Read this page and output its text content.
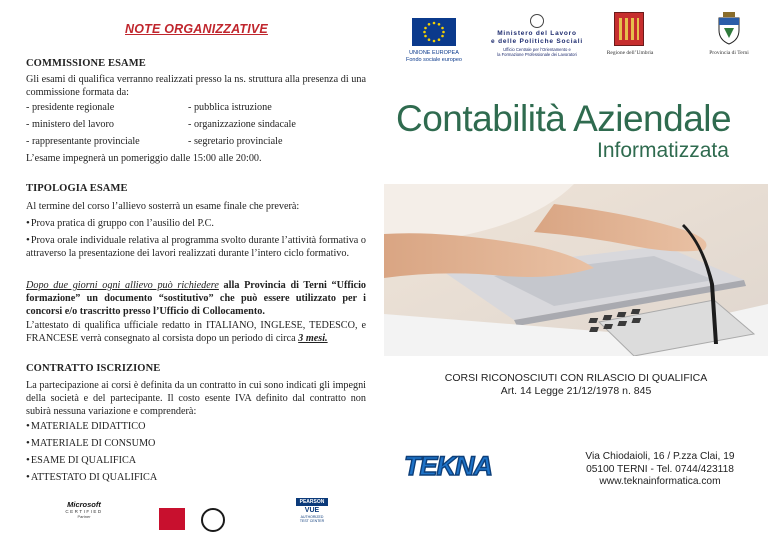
NOTE ORGANIZZATIVE
COMMISSIONE ESAME
Gli esami di qualifica verranno realizzati presso la ns. struttura alla presenza di una commissione formata da:
- presidente regionale	- pubblica istruzione
- ministero del lavoro	- organizzazione sindacale
- rappresentante provinciale	- segretario provinciale
L’esame impegnerà un pomeriggio dalle 15:00 alle 20:00.
TIPOLOGIA ESAME
Al termine del corso l’allievo sosterrà un esame finale che preverà:
• Prova pratica di gruppo con l’ausilio del P.C.
• Prova orale individuale relativa al programma svolto durante l’attività formativa o attraverso la presentazione dei lavori realizzati durante l’intero ciclo formativo.
Dopo due giorni ogni allievo può richiedere alla Provincia di Terni “Ufficio formazione” un documento “sostitutivo” che può essere utilizzato per i concorsi e/o trascritto presso l’Ufficio di Collocamento.
L’attestato di qualifica ufficiale redatto in ITALIANO, INGLESE, TEDESCO, e FRANCESE verrà consegnato al corsista dopo un periodo di circa 3 mesi.
CONTRATTO ISCRIZIONE
La partecipazione ai corsi è definita da un contratto in cui sono indicati gli impegni della società e del partecipante. Il costo esente IVA definito dal contratto non subirà nessuna variazione e comprenderà:
• MATERIALE DIDATTICO
• MATERIALE DI CONSUMO
• ESAME DI QUALIFICA
• ATTESTATO DI QUALIFICA
Microsoft
CERTIFIED
Partner
PEARSON
VUE
AUTHORIZED TEST CENTER
UNIONE EUROPEA
Fondo sociale europeo
Ministero del Lavoro
e delle Politiche Sociali
Ufficio Centrale per l’Orientamento e
la Formazione Professionale dei Lavoratori	Regione dell’Umbria	Provincia di Terni
Contabilità Aziendale
Informatizzata
CORSI RICONOSCIUTI CON RILASCIO DI QUALIFICA
Art. 14 Legge 21/12/1978 n. 845
TEKNA	Via Chiodaioli, 16 / P.zza Clai, 19
05100 TERNI - Tel. 0744/423118
www.teknainformatica.com
